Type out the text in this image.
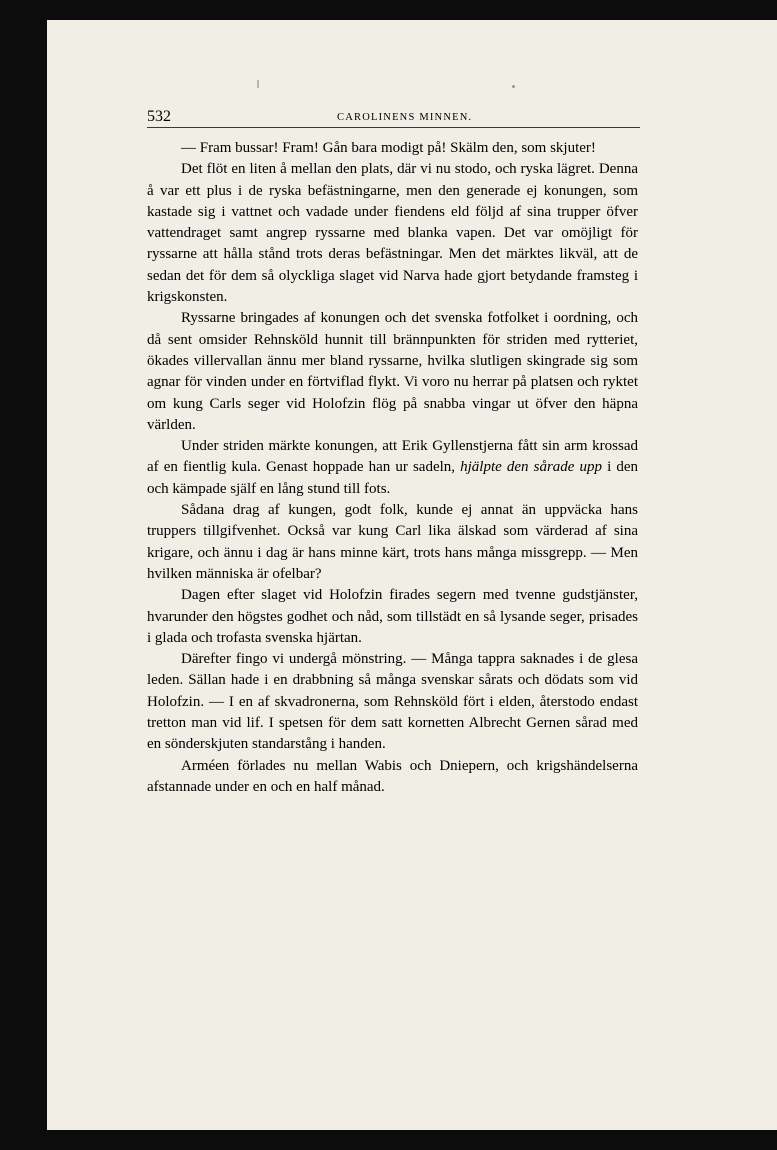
532	CAROLINENS MINNEN.

— Fram bussar! Fram! Gån bara modigt på! Skälm den, som skjuter!

Det flöt en liten å mellan den plats, där vi nu stodo, och ryska lägret. Denna å var ett plus i de ryska befästningarne, men den generade ej konungen, som kastade sig i vattnet och vadade under fiendens eld följd af sina trupper öfver vattendraget samt angrep ryssarne med blanka vapen. Det var omöjligt för ryssarne att hålla stånd trots deras befästningar. Men det märktes likväl, att de sedan det för dem så olyckliga slaget vid Narva hade gjort betydande framsteg i krigskonsten.

Ryssarne bringades af konungen och det svenska fotfolket i oordning, och då sent omsider Rehnsköld hunnit till brännpunkten för striden med rytteriet, ökades villervallan ännu mer bland ryssarne, hvilka slutligen skingrade sig som agnar för vinden under en förtviflad flykt. Vi voro nu herrar på platsen och ryktet om kung Carls seger vid Holofzin flög på snabba vingar ut öfver den häpna världen.

Under striden märkte konungen, att Erik Gyllenstjerna fått sin arm krossad af en fientlig kula. Genast hoppade han ur sadeln, hjälpte den sårade upp i den och kämpade själf en lång stund till fots.

Sådana drag af kungen, godt folk, kunde ej annat än uppväcka hans truppers tillgifvenhet. Också var kung Carl lika älskad som värderad af sina krigare, och ännu i dag är hans minne kärt, trots hans många missgrepp. — Men hvilken människa är ofelbar?

Dagen efter slaget vid Holofzin firades segern med tvenne gudstjänster, hvarunder den högstes godhet och nåd, som tillstädt en så lysande seger, prisades i glada och trofasta svenska hjärtan.

Därefter fingo vi undergå mönstring. — Många tappra saknades i de glesa leden. Sällan hade i en drabbning så många svenskar sårats och dödats som vid Holofzin. — I en af skvadronerna, som Rehnsköld fört i elden, återstodo endast tretton man vid lif. I spetsen för dem satt kornetten Albrecht Gernen sårad med en sönderskjuten standarstång i handen.

Arméen förlades nu mellan Wabis och Dniepern, och krigshändelserna afstannade under en och en half månad.
